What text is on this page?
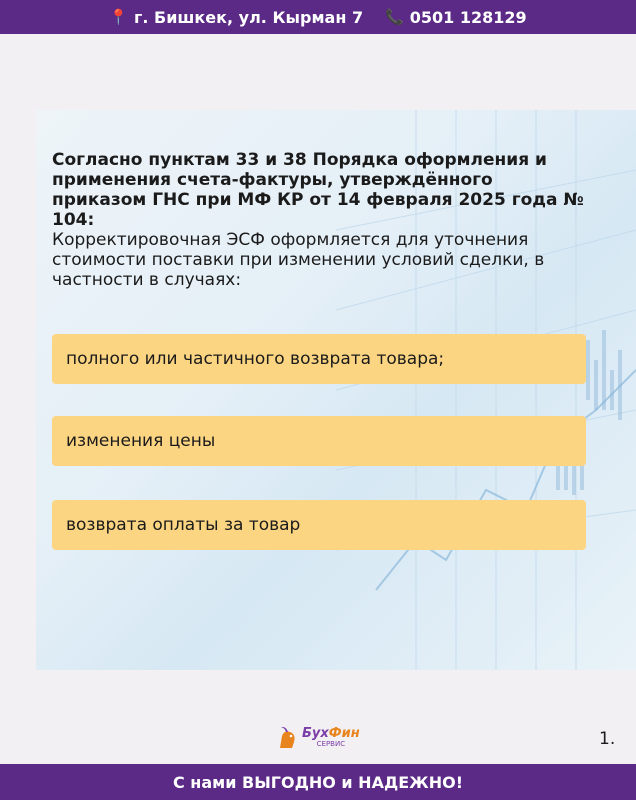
📍 г. Бишкек, ул. Кырман 7 📞 0501 128129
Согласно пунктам 33 и 38 Порядка оформления и применения счета-фактуры, утверждённого приказом ГНС при МФ КР от 14 февраля 2025 года № 104:
Корректировочная ЭСФ оформляется для уточнения стоимости поставки при изменении условий сделки, в частности в случаях:
полного или частичного возврата товара;
изменения цены
возврата оплаты за товар
БухФин
СЕРВИС	1.
С нами ВЫГОДНО и НАДЕЖНО!
